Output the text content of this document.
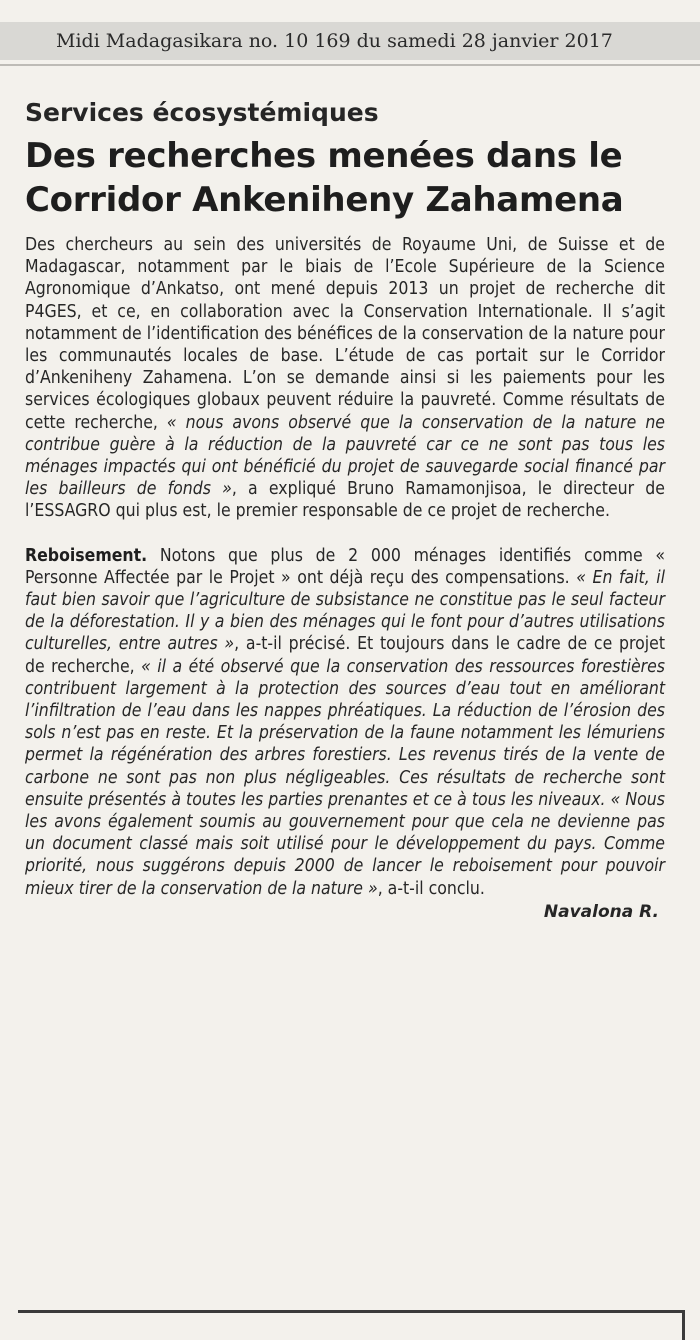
Midi Madagasikara no. 10 169 du samedi 28 janvier 2017
Services écosystémiques
Des recherches menées dans le Corridor Ankeniheny Zahamena

Des chercheurs au sein des universités de Royaume Uni, de Suisse et de Madagascar, notamment par le biais de l’Ecole Supérieure de la Science Agronomique d’Ankatso, ont mené depuis 2013 un projet de recherche dit P4GES, et ce, en collaboration avec la Conservation Internationale. Il s’agit notamment de l’identification des bénéfices de la conservation de la nature pour les communautés locales de base. L’étude de cas portait sur le Corridor d’Ankeniheny Zahamena. L’on se demande ainsi si les paiements pour les services écologiques globaux peuvent réduire la pauvreté. Comme résultats de cette recherche, « nous avons observé que la conservation de la nature ne contribue guère à la réduction de la pauvreté car ce ne sont pas tous les ménages impactés qui ont bénéficié du projet de sauvegarde social financé par les bailleurs de fonds », a expliqué Bruno Ramamonjisoa, le directeur de l’ESSAGRO qui plus est, le premier responsable de ce projet de recherche.

Reboisement. Notons que plus de 2 000 ménages identifiés comme « Personne Affectée par le Projet » ont déjà reçu des compensations. « En fait, il faut bien savoir que l’agriculture de subsistance ne constitue pas le seul facteur de la déforestation. Il y a bien des ménages qui le font pour d’autres utilisations culturelles, entre autres », a-t-il précisé. Et toujours dans le cadre de ce projet de recherche, « il a été observé que la conservation des ressources forestières contribuent largement à la protection des sources d’eau tout en améliorant l’infiltration de l’eau dans les nappes phréatiques. La réduction de l’érosion des sols n’est pas en reste. Et la préservation de la faune notamment les lémuriens permet la régénération des arbres forestiers. Les revenus tirés de la vente de carbone ne sont pas non plus négligeables. Ces résultats de recherche sont ensuite présentés à toutes les parties prenantes et ce à tous les niveaux. « Nous les avons également soumis au gouvernement pour que cela ne devienne pas un document classé mais soit utilisé pour le développement du pays. Comme priorité, nous suggérons depuis 2000 de lancer le reboisement pour pouvoir mieux tirer de la conservation de la nature », a-t-il conclu.

Navalona R.
